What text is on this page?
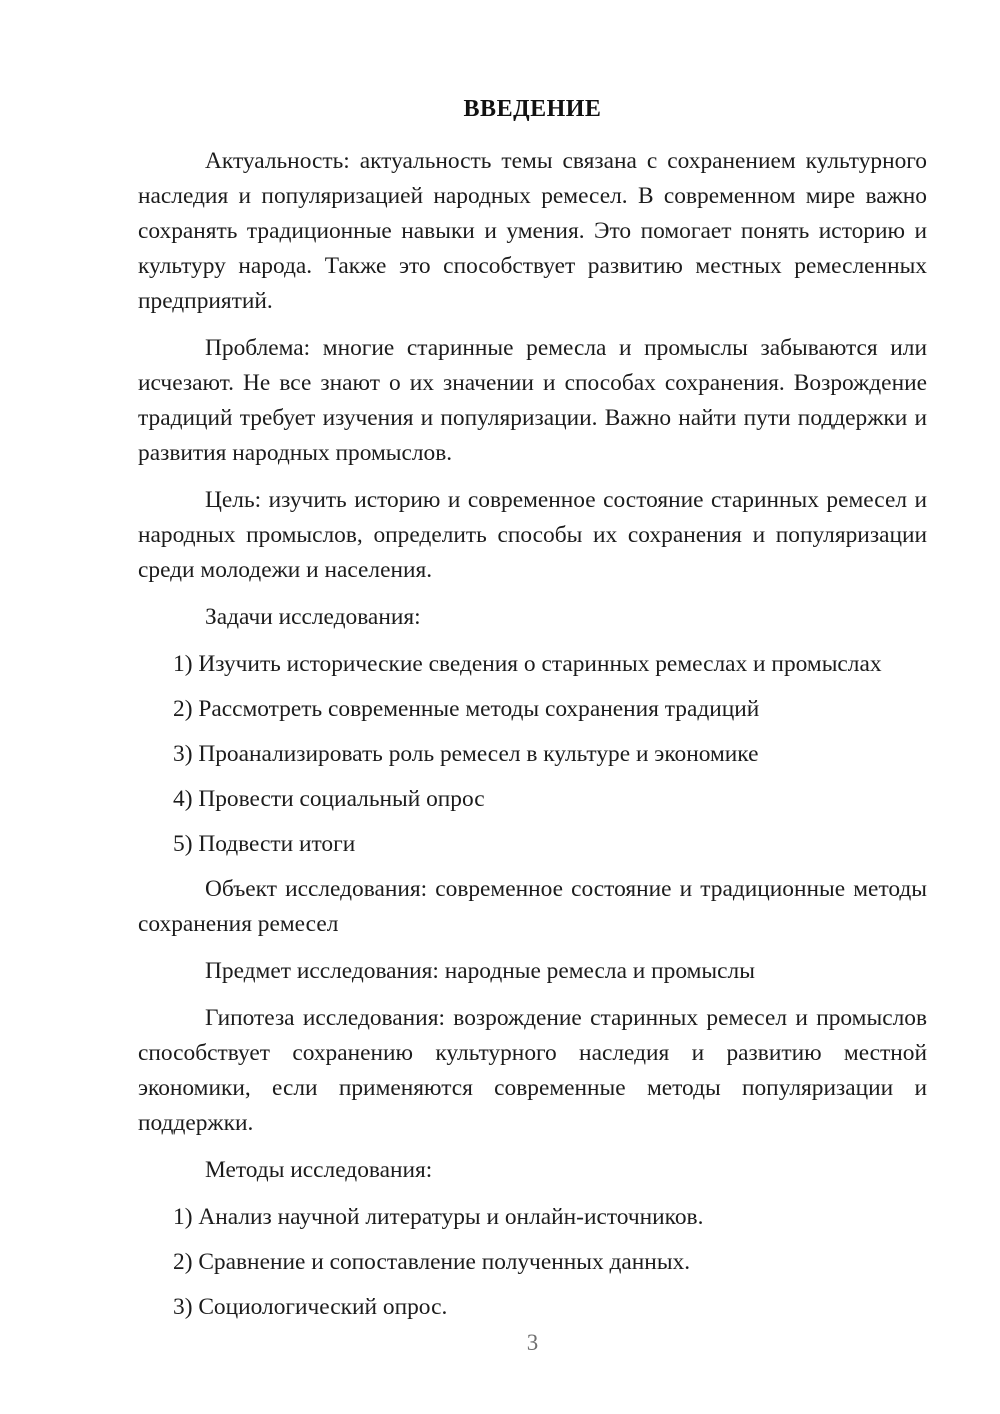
ВВЕДЕНИЕ

Актуальность: актуальность темы связана с сохранением культурного наследия и популяризацией народных ремесел. В современном мире важно сохранять традиционные навыки и умения. Это помогает понять историю и культуру народа. Также это способствует развитию местных ремесленных предприятий.

Проблема: многие старинные ремесла и промыслы забываются или исчезают. Не все знают о их значении и способах сохранения. Возрождение традиций требует изучения и популяризации. Важно найти пути поддержки и развития народных промыслов.

Цель: изучить историю и современное состояние старинных ремесел и народных промыслов, определить способы их сохранения и популяризации среди молодежи и населения.

Задачи исследования:

1) Изучить исторические сведения о старинных ремеслах и промыслах
2) Рассмотреть современные методы сохранения традиций
3) Проанализировать роль ремесел в культуре и экономике
4) Провести социальный опрос
5) Подвести итоги

Объект исследования: современное состояние и традиционные методы сохранения ремесел

Предмет исследования: народные ремесла и промыслы

Гипотеза исследования: возрождение старинных ремесел и промыслов способствует сохранению культурного наследия и развитию местной экономики, если применяются современные методы популяризации и поддержки.

Методы исследования:

1) Анализ научной литературы и онлайн-источников.
2) Сравнение и сопоставление полученных данных.
3) Социологический опрос.
3
